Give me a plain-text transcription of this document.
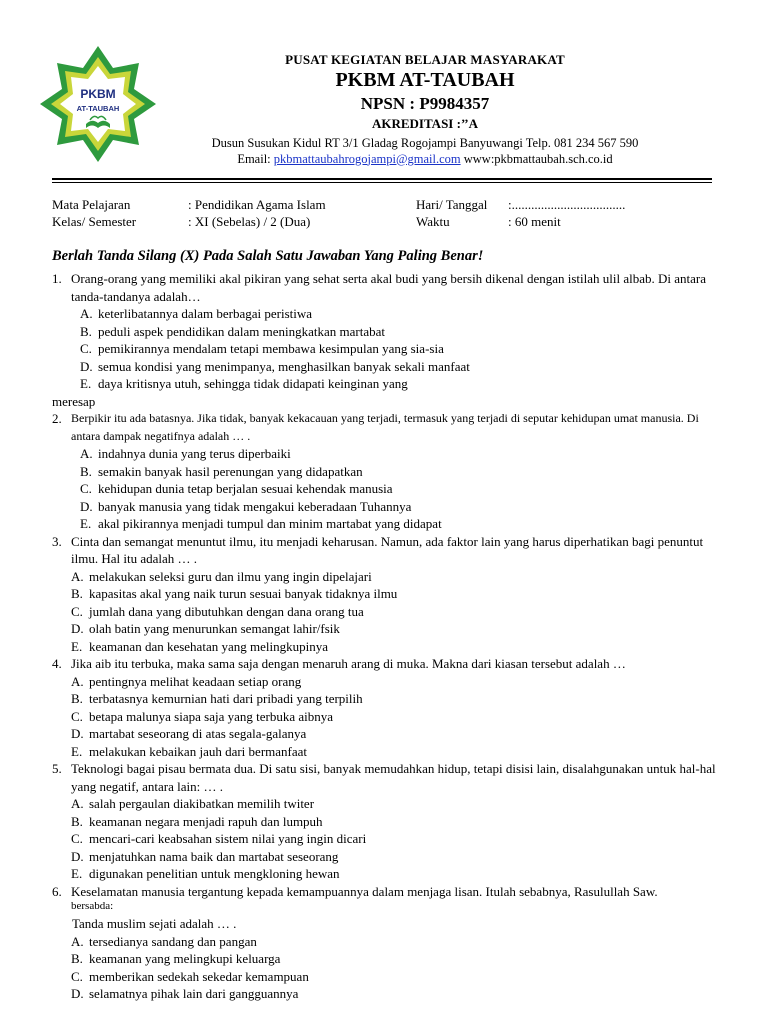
PKBM
AT-TAUBAH
PUSAT KEGIATAN BELAJAR MASYARAKAT
PKBM AT-TAUBAH
NPSN : P9984357
AKREDITASI :’’A
Dusun Susukan Kidul RT 3/1 Gladag Rogojampi Banyuwangi Telp. 081 234 567 590
Email: pkbmattaubahrogojampi@gmail.com www:pkbmattaubah.sch.co.id
Mata Pelajaran	: Pendidikan Agama Islam	Hari/ Tanggal :...................................
Kelas/ Semester	: XI (Sebelas) / 2 (Dua)	Waktu	: 60 menit
Berlah Tanda Silang (X) Pada Salah Satu Jawaban Yang Paling Benar!
1. Orang-orang yang memiliki akal pikiran yang sehat serta akal budi yang bersih dikenal dengan istilah ulil albab. Di antara tanda-tandanya adalah…
A. keterlibatannya dalam berbagai peristiwa
B. peduli aspek pendidikan dalam meningkatkan martabat
C. pemikirannya mendalam tetapi membawa kesimpulan yang sia-sia
D. semua kondisi yang menimpanya, menghasilkan banyak sekali manfaat
E. daya kritisnya utuh, sehingga tidak didapati keinginan yang
meresap
2. Berpikir itu ada batasnya. Jika tidak, banyak kekacauan yang terjadi, termasuk yang terjadi di seputar kehidupan umat manusia. Di antara dampak negatifnya adalah … .
A. indahnya dunia yang terus diperbaiki
B. semakin banyak hasil perenungan yang didapatkan
C. kehidupan dunia tetap berjalan sesuai kehendak manusia
D. banyak manusia yang tidak mengakui keberadaan Tuhannya
E. akal pikirannya menjadi tumpul dan minim martabat yang didapat
3. Cinta dan semangat menuntut ilmu, itu menjadi keharusan. Namun, ada faktor lain yang harus diperhatikan bagi penuntut ilmu. Hal itu adalah … .
A. melakukan seleksi guru dan ilmu yang ingin dipelajari
B. kapasitas akal yang naik turun sesuai banyak tidaknya ilmu
C. jumlah dana yang dibutuhkan dengan dana orang tua
D. olah batin yang menurunkan semangat lahir/fsik
E. keamanan dan kesehatan yang melingkupinya
4. Jika aib itu terbuka, maka sama saja dengan menaruh arang di muka. Makna dari kiasan tersebut adalah …
A. pentingnya melihat keadaan setiap orang
B. terbatasnya kemurnian hati dari pribadi yang terpilih
C. betapa malunya siapa saja yang terbuka aibnya
D. martabat seseorang di atas segala-galanya
E. melakukan kebaikan jauh dari bermanfaat
5. Teknologi bagai pisau bermata dua. Di satu sisi, banyak memudahkan hidup, tetapi disisi lain, disalahgunakan untuk hal-hal yang negatif, antara lain: … .
A. salah pergaulan diakibatkan memilih twiter
B. keamanan negara menjadi rapuh dan lumpuh
C. mencari-cari keabsahan sistem nilai yang ingin dicari
D. menjatuhkan nama baik dan martabat seseorang
E. digunakan penelitian untuk mengkloning hewan
6. Keselamatan manusia tergantung kepada kemampuannya dalam menjaga lisan. Itulah sebabnya, Rasulullah Saw.
bersabda:
Tanda muslim sejati adalah … .
A. tersedianya sandang dan pangan
B. keamanan yang melingkupi keluarga
C. memberikan sedekah sekedar kemampuan
D. selamatnya pihak lain dari gangguannya
